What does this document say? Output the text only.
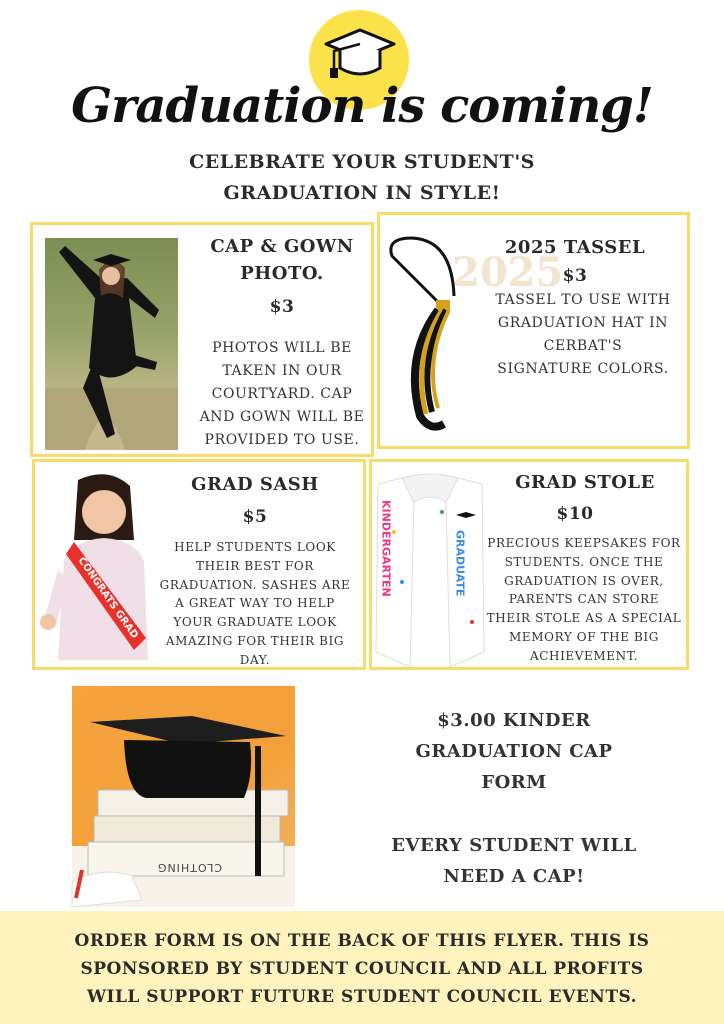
Graduation is coming!
CELEBRATE YOUR STUDENT'S
GRADUATION IN STYLE!
CAP & GOWN
PHOTO.
$3
PHOTOS WILL BE
TAKEN IN OUR
COURTYARD. CAP
AND GOWN WILL BE
PROVIDED TO USE.
2025
2025 TASSEL
$3
TASSEL TO USE WITH
GRADUATION HAT IN
CERBAT'S
SIGNATURE COLORS.
CONGRATS GRAD
GRAD SASH
$5
HELP STUDENTS LOOK
THEIR BEST FOR
GRADUATION. SASHES ARE
A GREAT WAY TO HELP
YOUR GRADUATE LOOK
AMAZING FOR THEIR BIG
DAY.
KINDERGARTEN	GRADUATE
GRAD STOLE
$10
PRECIOUS KEEPSAKES FOR
STUDENTS. ONCE THE
GRADUATION IS OVER,
PARENTS CAN STORE
THEIR STOLE AS A SPECIAL
MEMORY OF THE BIG
ACHIEVEMENT.
CLOTHING
$3.00 KINDER
GRADUATION CAP
FORM
EVERY STUDENT WILL
NEED A CAP!
ORDER FORM IS ON THE BACK OF THIS FLYER. THIS IS
SPONSORED BY STUDENT COUNCIL AND ALL PROFITS
WILL SUPPORT FUTURE STUDENT COUNCIL EVENTS.
